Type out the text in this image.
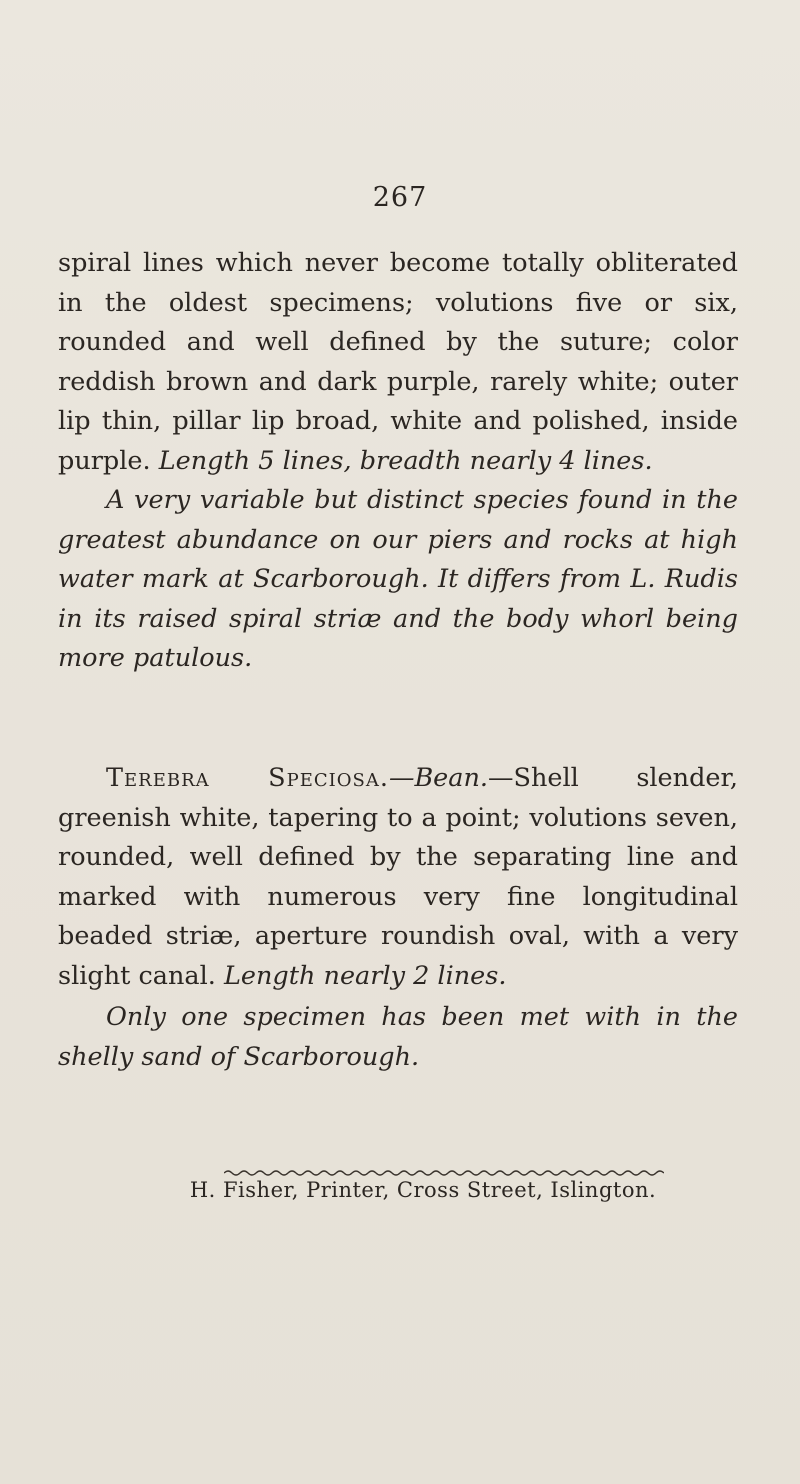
267

spiral lines which never become totally obliterated in the oldest specimens; volutions five or six, rounded and well defined by the suture; color reddish brown and dark purple, rarely white; outer lip thin, pillar lip broad, white and polished, inside purple. Length 5 lines, breadth nearly 4 lines.

A very variable but distinct species found in the greatest abundance on our piers and rocks at high water mark at Scarborough. It differs from L. Rudis in its raised spiral striæ and the body whorl being more patulous.

Terebra Speciosa.—Bean.—Shell slender, greenish white, tapering to a point; volutions seven, rounded, well defined by the separating line and marked with numerous very fine longitudinal beaded striæ, aperture roundish oval, with a very slight canal. Length nearly 2 lines.

Only one specimen has been met with in the shelly sand of Scarborough.

H. Fisher, Printer, Cross Street, Islington.
